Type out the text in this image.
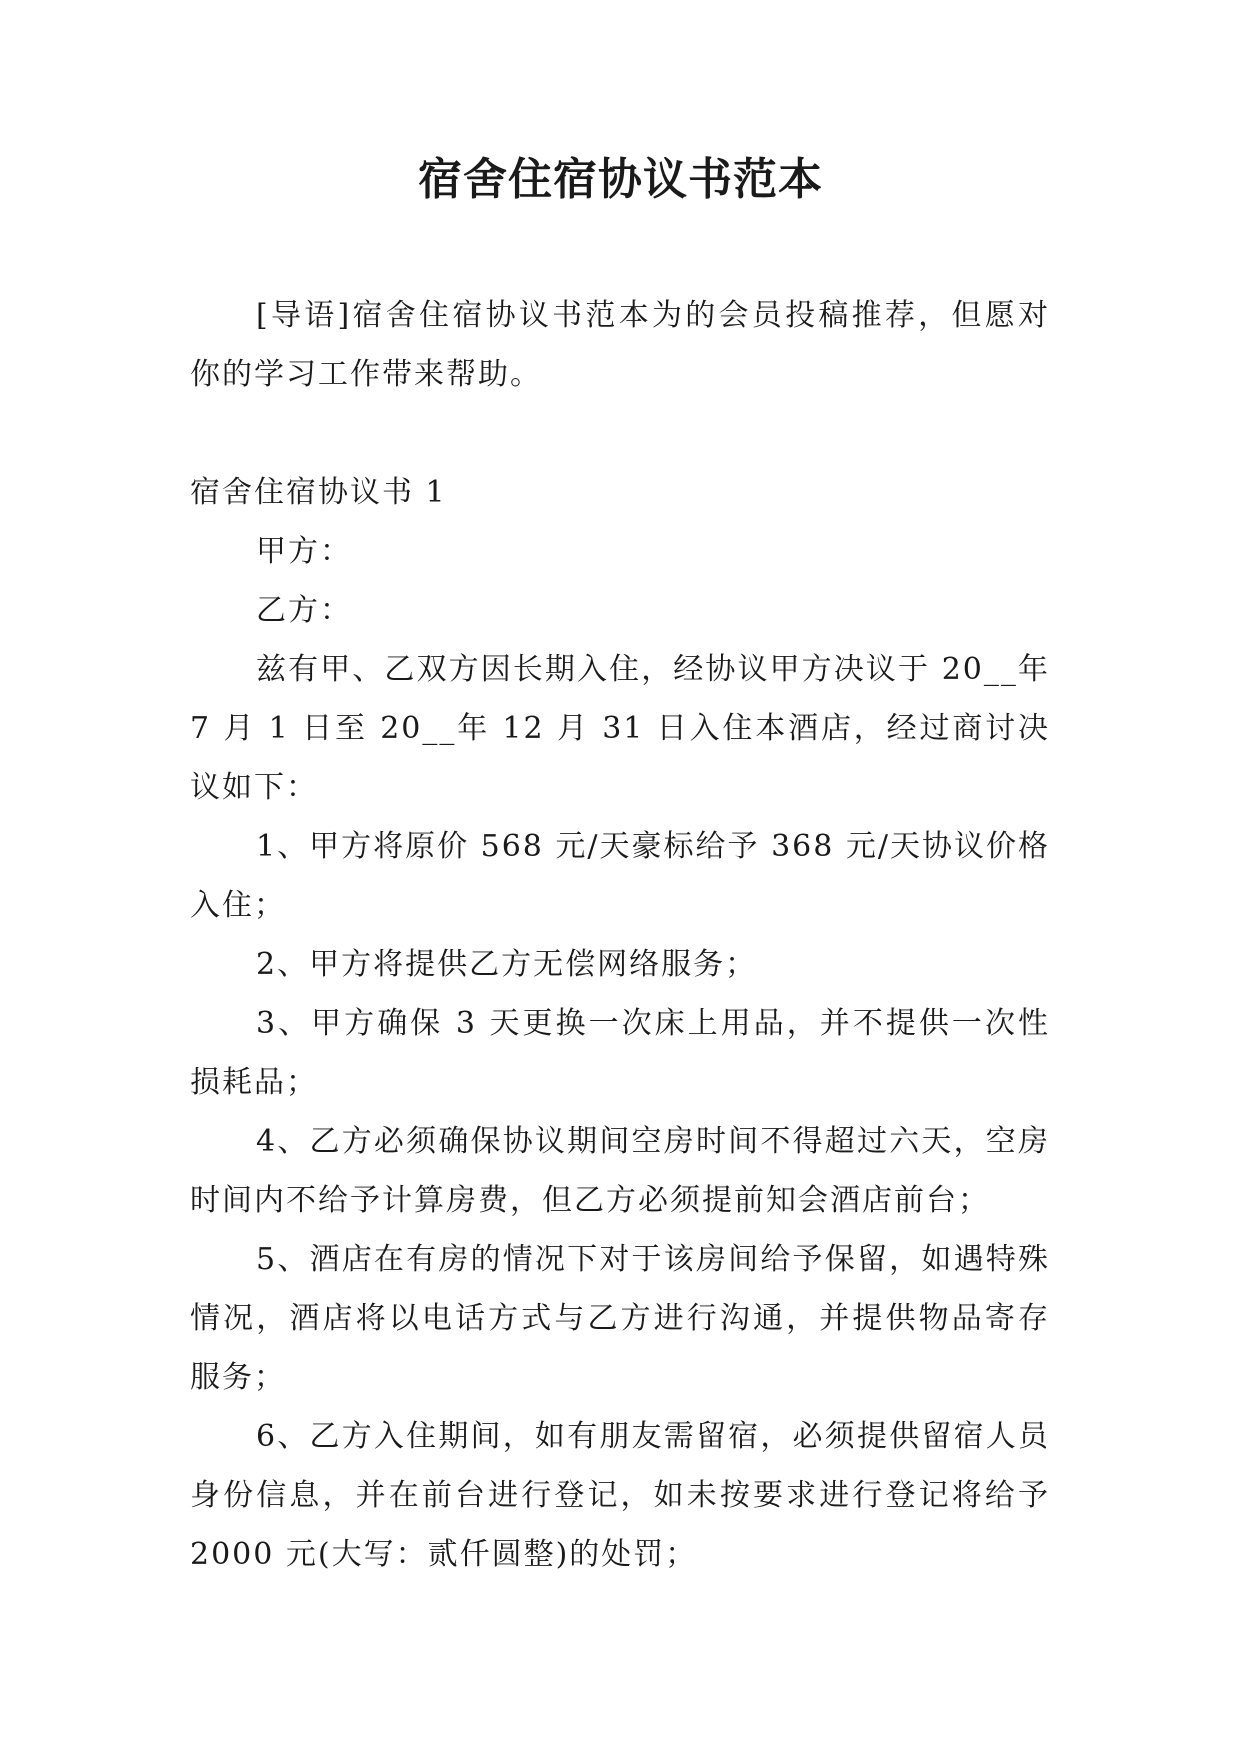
宿舍住宿协议书范本

[导语]宿舍住宿协议书范本为的会员投稿推荐，但愿对你的学习工作带来帮助。

宿舍住宿协议书 1

甲方：

乙方：

兹有甲、乙双方因长期入住，经协议甲方决议于 20__年 7 月 1 日至 20__年 12 月 31 日入住本酒店，经过商讨决议如下：

1、甲方将原价 568 元/天豪标给予 368 元/天协议价格入住；

2、甲方将提供乙方无偿网络服务；

3、甲方确保 3 天更换一次床上用品，并不提供一次性损耗品；

4、乙方必须确保协议期间空房时间不得超过六天，空房时间内不给予计算房费，但乙方必须提前知会酒店前台；

5、酒店在有房的情况下对于该房间给予保留，如遇特殊情况，酒店将以电话方式与乙方进行沟通，并提供物品寄存服务；

6、乙方入住期间，如有朋友需留宿，必须提供留宿人员身份信息，并在前台进行登记，如未按要求进行登记将给予 2000 元(大写：贰仟圆整)的处罚；
